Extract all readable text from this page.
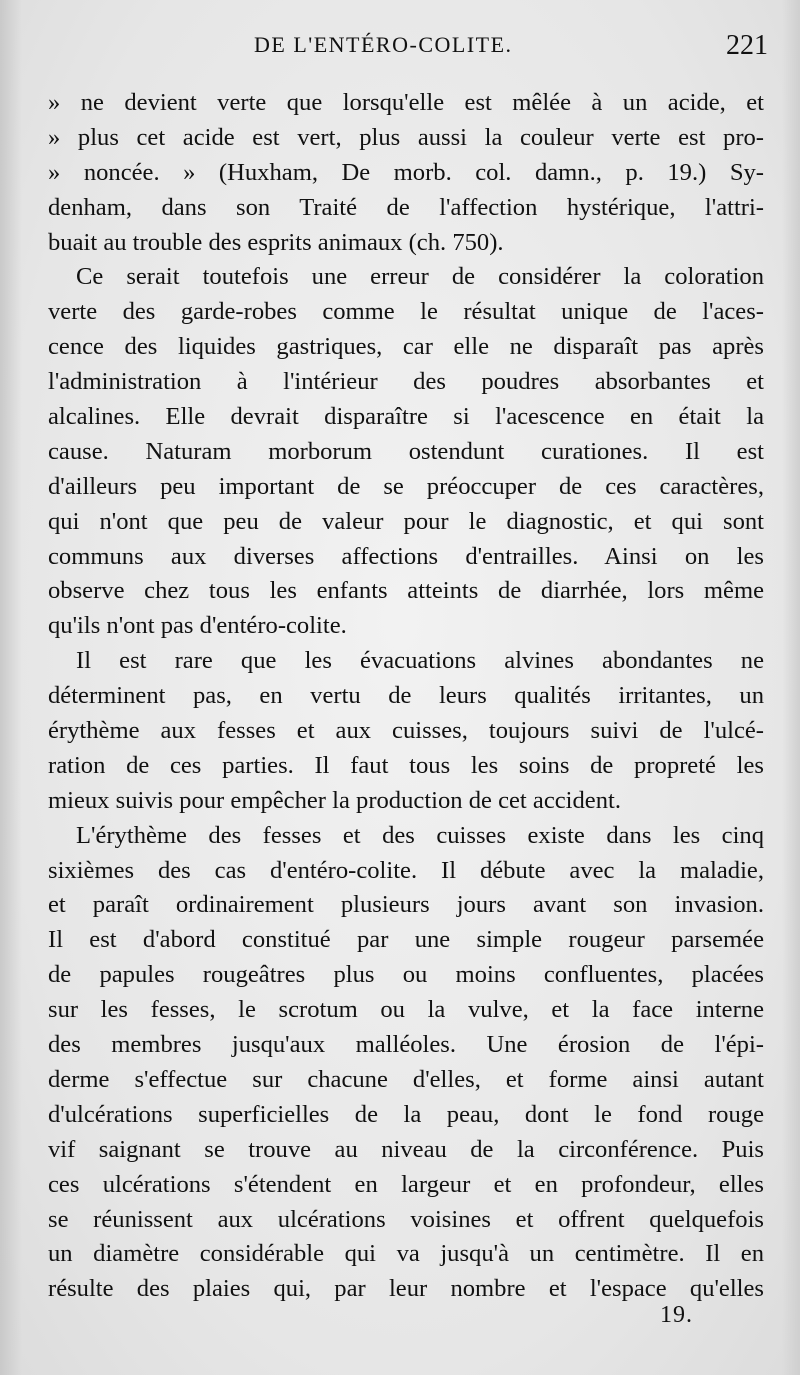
DE L'ENTÉRO-COLITE.	221
» ne devient verte que lorsqu'elle est mêlée à un acide, et
» plus cet acide est vert, plus aussi la couleur verte est pro-
» noncée. » (Huxham, De morb. col. damn., p. 19.) Sy-
denham, dans son Traité de l'affection hystérique, l'attri-
buait au trouble des esprits animaux (ch. 750).
Ce serait toutefois une erreur de considérer la coloration
verte des garde-robes comme le résultat unique de l'aces-
cence des liquides gastriques, car elle ne disparaît pas après
l'administration à l'intérieur des poudres absorbantes et
alcalines. Elle devrait disparaître si l'acescence en était la
cause. Naturam morborum ostendunt curationes. Il est
d'ailleurs peu important de se préoccuper de ces caractères,
qui n'ont que peu de valeur pour le diagnostic, et qui sont
communs aux diverses affections d'entrailles. Ainsi on les
observe chez tous les enfants atteints de diarrhée, lors même
qu'ils n'ont pas d'entéro-colite.
Il est rare que les évacuations alvines abondantes ne
déterminent pas, en vertu de leurs qualités irritantes, un
érythème aux fesses et aux cuisses, toujours suivi de l'ulcé-
ration de ces parties. Il faut tous les soins de propreté les
mieux suivis pour empêcher la production de cet accident.
L'érythème des fesses et des cuisses existe dans les cinq
sixièmes des cas d'entéro-colite. Il débute avec la maladie,
et paraît ordinairement plusieurs jours avant son invasion.
Il est d'abord constitué par une simple rougeur parsemée
de papules rougeâtres plus ou moins confluentes, placées
sur les fesses, le scrotum ou la vulve, et la face interne
des membres jusqu'aux malléoles. Une érosion de l'épi-
derme s'effectue sur chacune d'elles, et forme ainsi autant
d'ulcérations superficielles de la peau, dont le fond rouge
vif saignant se trouve au niveau de la circonférence. Puis
ces ulcérations s'étendent en largeur et en profondeur, elles
se réunissent aux ulcérations voisines et offrent quelquefois
un diamètre considérable qui va jusqu'à un centimètre. Il en
résulte des plaies qui, par leur nombre et l'espace qu'elles
19.
